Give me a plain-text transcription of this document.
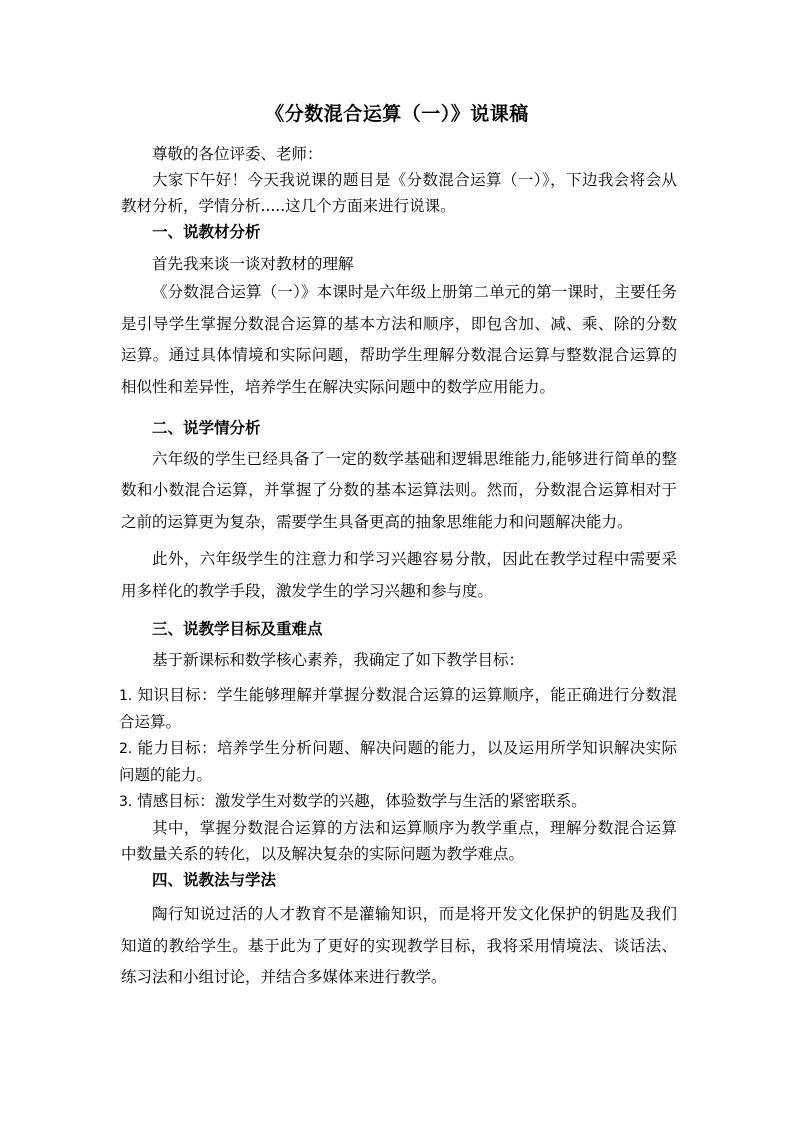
《分数混合运算（一）》说课稿

尊敬的各位评委、老师：

大家下午好！今天我说课的题目是《分数混合运算（一）》，下边我会将会从教材分析，学情分析.....这几个方面来进行说课。

一、说教材分析

首先我来谈一谈对教材的理解

《分数混合运算（一）》本课时是六年级上册第二单元的第一课时，主要任务是引导学生掌握分数混合运算的基本方法和顺序，即包含加、减、乘、除的分数运算。通过具体情境和实际问题，帮助学生理解分数混合运算与整数混合运算的相似性和差异性，培养学生在解决实际问题中的数学应用能力。

二、说学情分析

六年级的学生已经具备了一定的数学基础和逻辑思维能力,能够进行简单的整数和小数混合运算，并掌握了分数的基本运算法则。然而，分数混合运算相对于之前的运算更为复杂，需要学生具备更高的抽象思维能力和问题解决能力。

此外，六年级学生的注意力和学习兴趣容易分散，因此在教学过程中需要采用多样化的教学手段，激发学生的学习兴趣和参与度。

三、说教学目标及重难点

基于新课标和数学核心素养，我确定了如下教学目标：

1. 知识目标：学生能够理解并掌握分数混合运算的运算顺序，能正确进行分数混合运算。

2. 能力目标：培养学生分析问题、解决问题的能力，以及运用所学知识解决实际问题的能力。

3. 情感目标：激发学生对数学的兴趣，体验数学与生活的紧密联系。

其中，掌握分数混合运算的方法和运算顺序为教学重点，理解分数混合运算中数量关系的转化，以及解决复杂的实际问题为教学难点。

四、说教法与学法

陶行知说过活的人才教育不是灌输知识，而是将开发文化保护的钥匙及我们知道的教给学生。基于此为了更好的实现教学目标，我将采用情境法、谈话法、练习法和小组讨论，并结合多媒体来进行教学。
